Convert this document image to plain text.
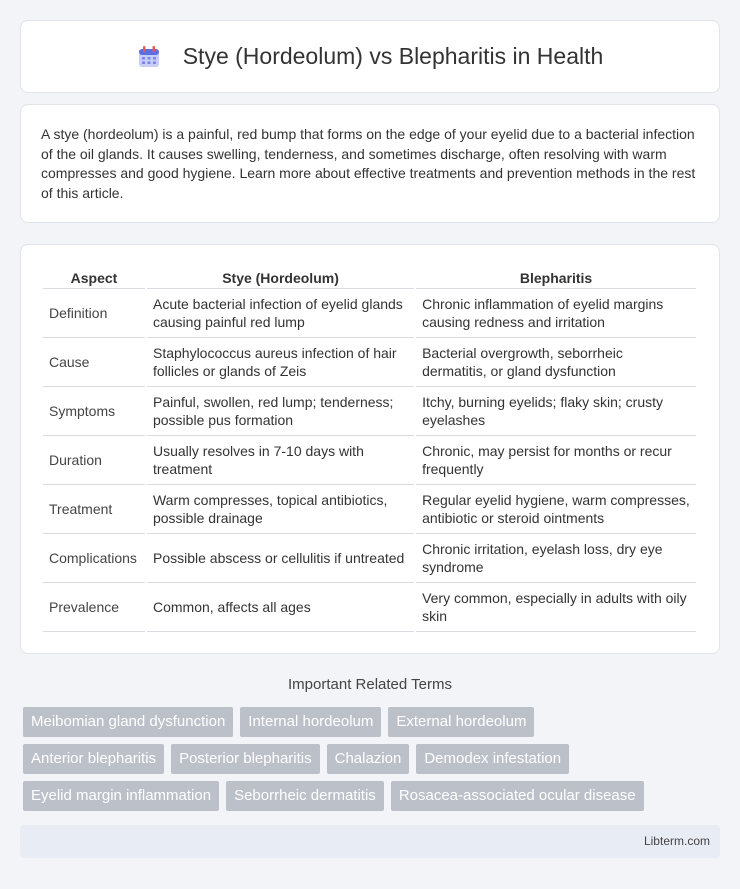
Stye (Hordeolum) vs Blepharitis in Health

A stye (hordeolum) is a painful, red bump that forms on the edge of your eyelid due to a bacterial infection of the oil glands. It causes swelling, tenderness, and sometimes discharge, often resolving with warm compresses and good hygiene. Learn more about effective treatments and prevention methods in the rest of this article.

Aspect	Stye (Hordeolum)	Blepharitis
Definition	Acute bacterial infection of eyelid glands causing painful red lump	Chronic inflammation of eyelid margins causing redness and irritation
Cause	Staphylococcus aureus infection of hair follicles or glands of Zeis	Bacterial overgrowth, seborrheic dermatitis, or gland dysfunction
Symptoms	Painful, swollen, red lump; tenderness; possible pus formation	Itchy, burning eyelids; flaky skin; crusty eyelashes
Duration	Usually resolves in 7-10 days with treatment	Chronic, may persist for months or recur frequently
Treatment	Warm compresses, topical antibiotics, possible drainage	Regular eyelid hygiene, warm compresses, antibiotic or steroid ointments
Complications	Possible abscess or cellulitis if untreated	Chronic irritation, eyelash loss, dry eye syndrome
Prevalence	Common, affects all ages	Very common, especially in adults with oily skin
Important Related Terms
Meibomian gland dysfunction	Internal hordeolum	External hordeolum
Anterior blepharitis	Posterior blepharitis	Chalazion	Demodex infestation
Eyelid margin inflammation	Seborrheic dermatitis	Rosacea-associated ocular disease
Libterm.com
